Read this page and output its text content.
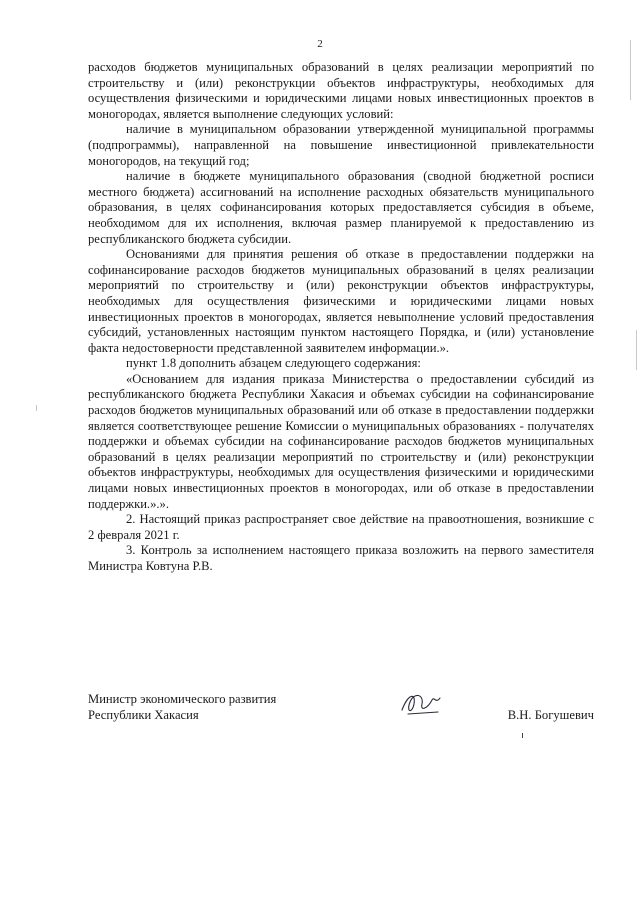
2

расходов бюджетов муниципальных образований в целях реализации мероприятий по строительству и (или) реконструкции объектов инфраструктуры, необходимых для осуществления физическими и юридическими лицами новых инвестиционных проектов в моногородах, является выполнение следующих условий:

наличие в муниципальном образовании утвержденной муниципальной программы (подпрограммы), направленной на повышение инвестиционной привлекательности моногородов, на текущий год;

наличие в бюджете муниципального образования (сводной бюджетной росписи местного бюджета) ассигнований на исполнение расходных обязательств муниципального образования, в целях софинансирования которых предоставляется субсидия в объеме, необходимом для их исполнения, включая размер планируемой к предоставлению из республиканского бюджета субсидии.

Основаниями для принятия решения об отказе в предоставлении поддержки на софинансирование расходов бюджетов муниципальных образований в целях реализации мероприятий по строительству и (или) реконструкции объектов инфраструктуры, необходимых для осуществления физическими и юридическими лицами новых инвестиционных проектов в моногородах, является невыполнение условий предоставления субсидий, установленных настоящим пунктом настоящего Порядка, и (или) установление факта недостоверности представленной заявителем информации.».

пункт 1.8 дополнить абзацем следующего содержания:

«Основанием для издания приказа Министерства о предоставлении субсидий из республиканского бюджета Республики Хакасия и объемах субсидии на софинансирование расходов бюджетов муниципальных образований или об отказе в предоставлении поддержки является соответствующее решение Комиссии о муниципальных образованиях - получателях поддержки и объемах субсидии на софинансирование расходов бюджетов муниципальных образований в целях реализации мероприятий по строительству и (или) реконструкции объектов инфраструктуры, необходимых для осуществления физическими и юридическими лицами новых инвестиционных проектов в моногородах, или об отказе в предоставлении поддержки.».».

2. Настоящий приказ распространяет свое действие на правоотношения, возникшие с 2 февраля 2021 г.

3. Контроль за исполнением настоящего приказа возложить на первого заместителя Министра Ковтуна Р.В.

Министр экономического развития
Республики Хакасия	В.Н. Богушевич
